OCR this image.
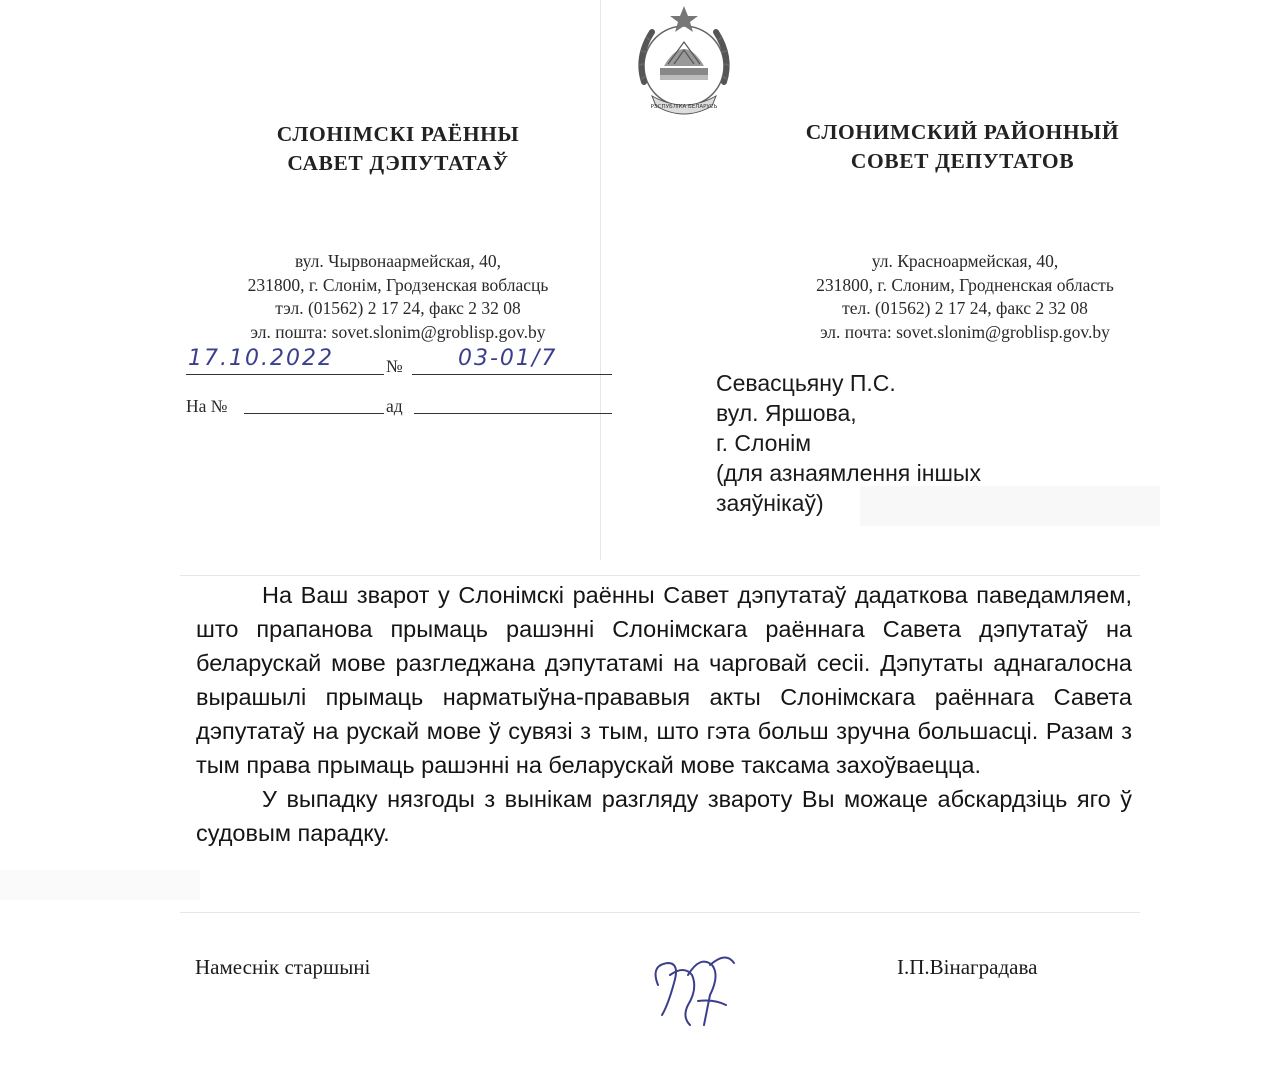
РЭСПУБЛІКА БЕЛАРУСЬ
СЛОНІМСКІ РАЁННЫ
САВЕТ ДЭПУТАТАЎ
СЛОНИМСКИЙ РАЙОННЫЙ
СОВЕТ ДЕПУТАТОВ
вул. Чырвонаармейская, 40,
231800, г. Слонім, Гродзенская вобласць
тэл. (01562) 2 17 24, факс 2 32 08
эл. пошта: sovet.slonim@groblisp.gov.by
ул. Красноармейская, 40,
231800, г. Слоним, Гродненская область
тел. (01562) 2 17 24, факс 2 32 08
эл. почта: sovet.slonim@groblisp.gov.by
17.10.2022	№	03-01/7
На №	ад
Севасцьяну П.С.
вул. Яршова,
г. Слонім
(для азнаямлення іншых
заяўнікаў)

На Ваш зварот у Слонімскі раённы Савет дэпутатаў дадаткова паведамляем, што прапанова прымаць рашэнні Слонімскага раённага Савета дэпутатаў на беларускай мове разгледжана дэпутатамі на чарговай сесіі. Дэпутаты аднагалосна вырашылі прымаць нарматыўна-прававыя акты Слонімскага раённага Савета дэпутатаў на рускай мове ў сувязі з тым, што гэта больш зручна большасці. Разам з тым права прымаць рашэнні на беларускай мове таксама захоўваецца.

У выпадку нязгоды з вынікам разгляду звароту Вы можаце абскардзіць яго ў судовым парадку.

Намеснік старшыні	І.П.Вінаградава
